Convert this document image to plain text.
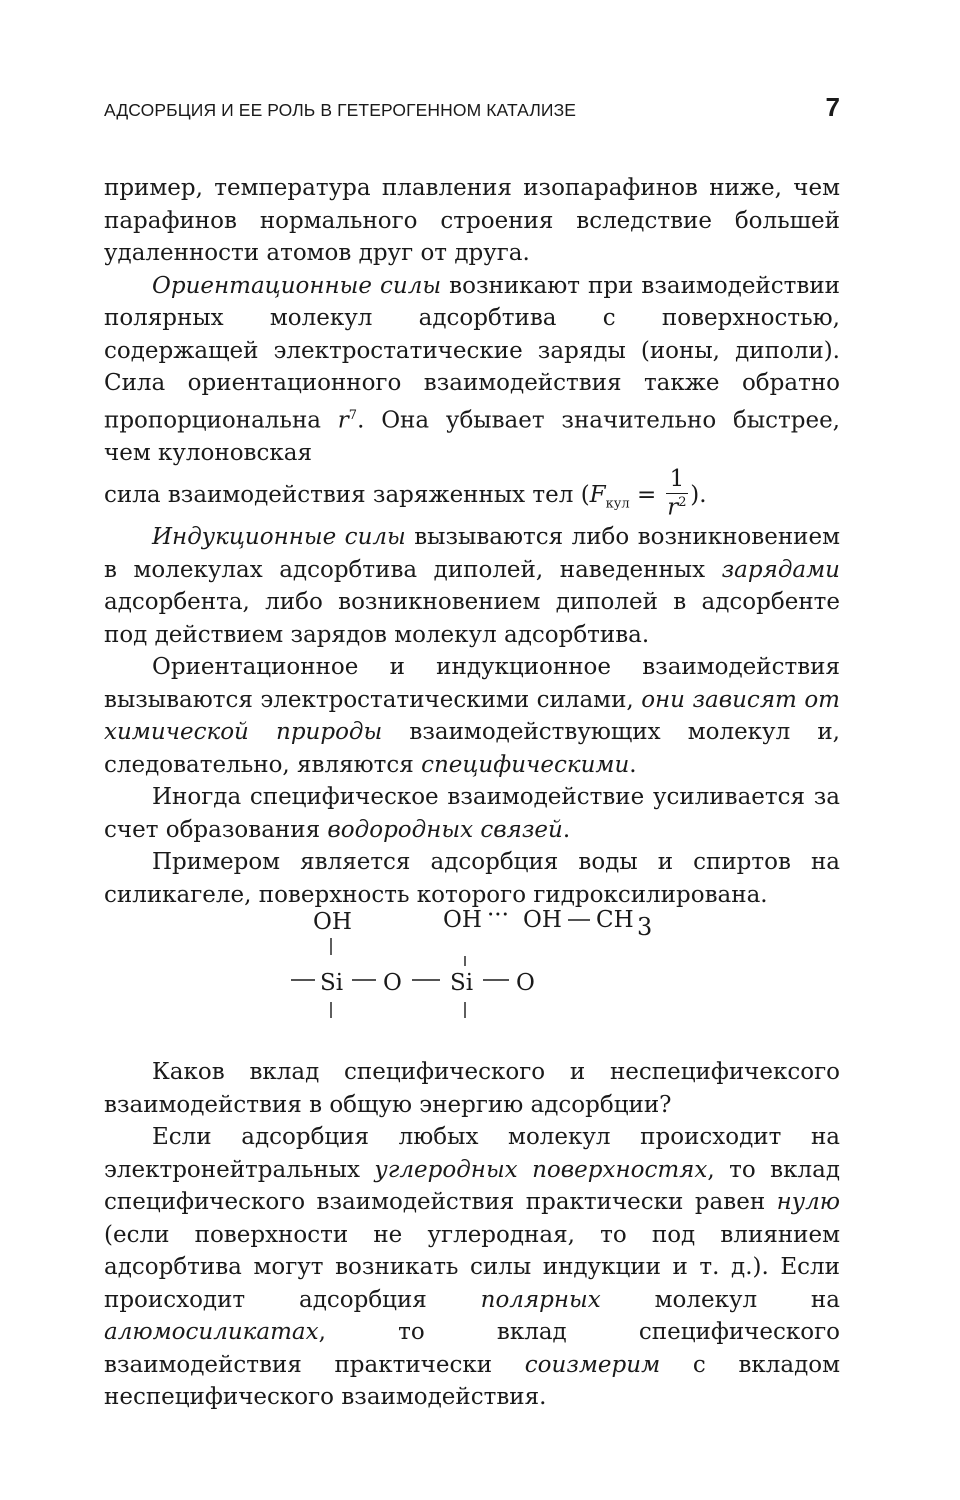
АДСОРБЦИЯ И ЕЕ РОЛЬ В ГЕТЕРОГЕННОМ КАТАЛИЗЕ	7

пример, температура плавления изопарафинов ниже, чем парафинов нормального строения вследствие большей удаленности атомов друг от друга.

Ориентационные силы возникают при взаимодействии полярных молекул адсорбтива с поверхностью, содержащей электростатические заряды (ионы, диполи). Сила ориентационного взаимодействия также обратно пропорциональна $r^7$. Она убывает значительно быстрее, чем кулоновская

сила взаимодействия заряженных тел ($F_{кул} = \frac{1}{r^2}$ ).

Индукционные силы вызываются либо возникновением в молекулах адсорбтива диполей, наведенных зарядами адсорбента, либо возникновением диполей в адсорбенте под действием зарядов молекул адсорбтива.

Ориентационное и индукционное взаимодействия вызываются электростатическими силами, они зависят от химической природы взаимодействующих молекул и, следовательно, являются специфическими.

Иногда специфическое взаимодействие усиливается за счет образования водородных связей.

Примером является адсорбция воды и спиртов на силикагеле, поверхность которого гидроксилирована.

OH	OH ··· OH CH 3
Si O Si O

Каков вклад специфического и неспецифичексого взаимодействия в общую энергию адсорбции?

Если адсорбция любых молекул происходит на электронейтральных углеродных поверхностях, то вклад специфического взаимодействия практически равен нулю (если поверхности не углеродная, то под влиянием адсорбтива могут возникать силы индукции и т. д.). Если происходит адсорбция полярных молекул на алюмосиликатах, то вклад специфического взаимодействия практически соизмерим с вкладом неспецифического взаимодействия.
